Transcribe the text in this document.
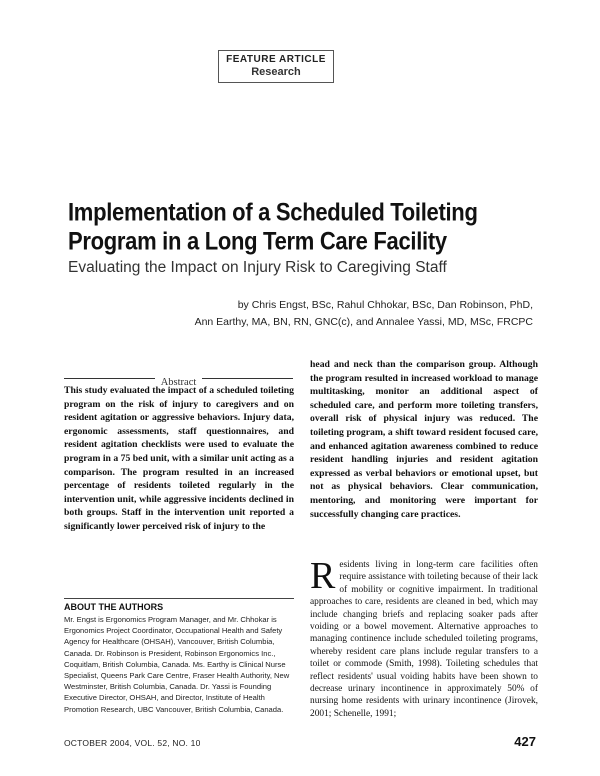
FEATURE ARTICLE
Research
Implementation of a Scheduled Toileting Program in a Long Term Care Facility

Evaluating the Impact on Injury Risk to Caregiving Staff

by Chris Engst, BSc, Rahul Chhokar, BSc, Dan Robinson, PhD,
Ann Earthy, MA, BN, RN, GNC(c), and Annalee Yassi, MD, MSc, FRCPC
Abstract

This study evaluated the impact of a scheduled toileting program on the risk of injury to caregivers and on resident agitation or aggressive behaviors. Injury data, ergonomic assessments, staff questionnaires, and resident agitation checklists were used to evaluate the program in a 75 bed unit, with a similar unit acting as a comparison. The program resulted in an increased percentage of residents toileted regularly in the intervention unit, while aggressive incidents declined in both groups. Staff in the intervention unit reported a significantly lower perceived risk of injury to the

head and neck than the comparison group. Although the program resulted in increased workload to manage multitasking, monitor an additional aspect of scheduled care, and perform more toileting transfers, overall risk of physical injury was reduced. The toileting program, a shift toward resident focused care, and enhanced agitation awareness combined to reduce resident handling injuries and resident agitation expressed as verbal behaviors or emotional upset, but not as physical behaviors. Clear communication, mentoring, and monitoring were important for successfully changing care practices.

Residents living in long-term care facilities often require assistance with toileting because of their lack of mobility or cognitive impairment. In traditional approaches to care, residents are cleaned in bed, which may include changing briefs and replacing soaker pads after voiding or a bowel movement. Alternative approaches to managing continence include scheduled toileting programs, whereby resident care plans include regular transfers to a toilet or commode (Smith, 1998). Toileting schedules that reflect residents' usual voiding habits have been shown to decrease urinary incontinence in approximately 50% of nursing home residents with urinary incontinence (Jirovek, 2001; Schenelle, 1991;

ABOUT THE AUTHORS

Mr. Engst is Ergonomics Program Manager, and Mr. Chhokar is Ergonomics Project Coordinator, Occupational Health and Safety Agency for Healthcare (OHSAH), Vancouver, British Columbia, Canada. Dr. Robinson is President, Robinson Ergonomics Inc., Coquitlam, British Columbia, Canada. Ms. Earthy is Clinical Nurse Specialist, Queens Park Care Centre, Fraser Health Authority, New Westminster, British Columbia, Canada. Dr. Yassi is Founding Executive Director, OHSAH, and Director, Institute of Health Promotion Research, UBC Vancouver, British Columbia, Canada.

OCTOBER 2004, VOL. 52, NO. 10	427
